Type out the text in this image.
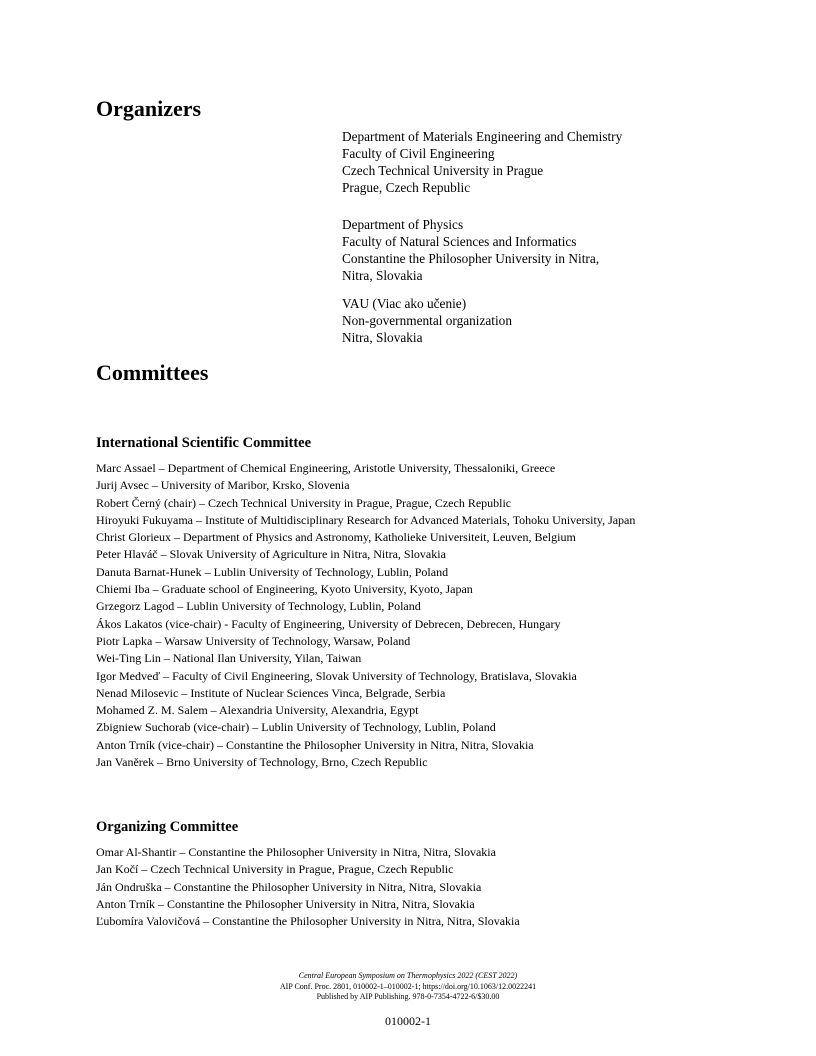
Organizers
Department of Materials Engineering and Chemistry
Faculty of Civil Engineering
Czech Technical University in Prague
Prague, Czech Republic
Department of Physics
Faculty of Natural Sciences and Informatics
Constantine the Philosopher University in Nitra,
Nitra, Slovakia
VAU (Viac ako učenie)
Non-governmental organization
Nitra, Slovakia
Committees
International Scientific Committee
Marc Assael – Department of Chemical Engineering, Aristotle University, Thessaloniki, Greece
Jurij Avsec – University of Maribor, Krsko, Slovenia
Robert Černý (chair) – Czech Technical University in Prague, Prague, Czech Republic
Hiroyuki Fukuyama – Institute of Multidisciplinary Research for Advanced Materials, Tohoku University, Japan
Christ Glorieux – Department of Physics and Astronomy, Katholieke Universiteit, Leuven, Belgium
Peter Hlaváč – Slovak University of Agriculture in Nitra, Nitra, Slovakia
Danuta Barnat-Hunek – Lublin University of Technology, Lublin, Poland
Chiemi Iba – Graduate school of Engineering, Kyoto University, Kyoto, Japan
Grzegorz Lagod – Lublin University of Technology, Lublin, Poland
Ákos Lakatos (vice-chair) - Faculty of Engineering, University of Debrecen, Debrecen, Hungary
Piotr Lapka – Warsaw University of Technology, Warsaw, Poland
Wei-Ting Lin – National Ilan University, Yilan, Taiwan
Igor Medveď – Faculty of Civil Engineering, Slovak University of Technology, Bratislava, Slovakia
Nenad Milosevic – Institute of Nuclear Sciences Vinca, Belgrade, Serbia
Mohamed Z. M. Salem – Alexandria University, Alexandria, Egypt
Zbigniew Suchorab (vice-chair) – Lublin University of Technology, Lublin, Poland
Anton Trník (vice-chair) – Constantine the Philosopher University in Nitra, Nitra, Slovakia
Jan Vaněrek – Brno University of Technology, Brno, Czech Republic
Organizing Committee
Omar Al-Shantir – Constantine the Philosopher University in Nitra, Nitra, Slovakia
Jan Kočí – Czech Technical University in Prague, Prague, Czech Republic
Ján Ondruška – Constantine the Philosopher University in Nitra, Nitra, Slovakia
Anton Trník – Constantine the Philosopher University in Nitra, Nitra, Slovakia
Ľubomíra Valovičová – Constantine the Philosopher University in Nitra, Nitra, Slovakia
Central European Symposium on Thermophysics 2022 (CEST 2022)
AIP Conf. Proc. 2801, 010002-1–010002-1; https://doi.org/10.1063/12.0022241
Published by AIP Publishing. 978-0-7354-4722-6/$30.00
010002-1
